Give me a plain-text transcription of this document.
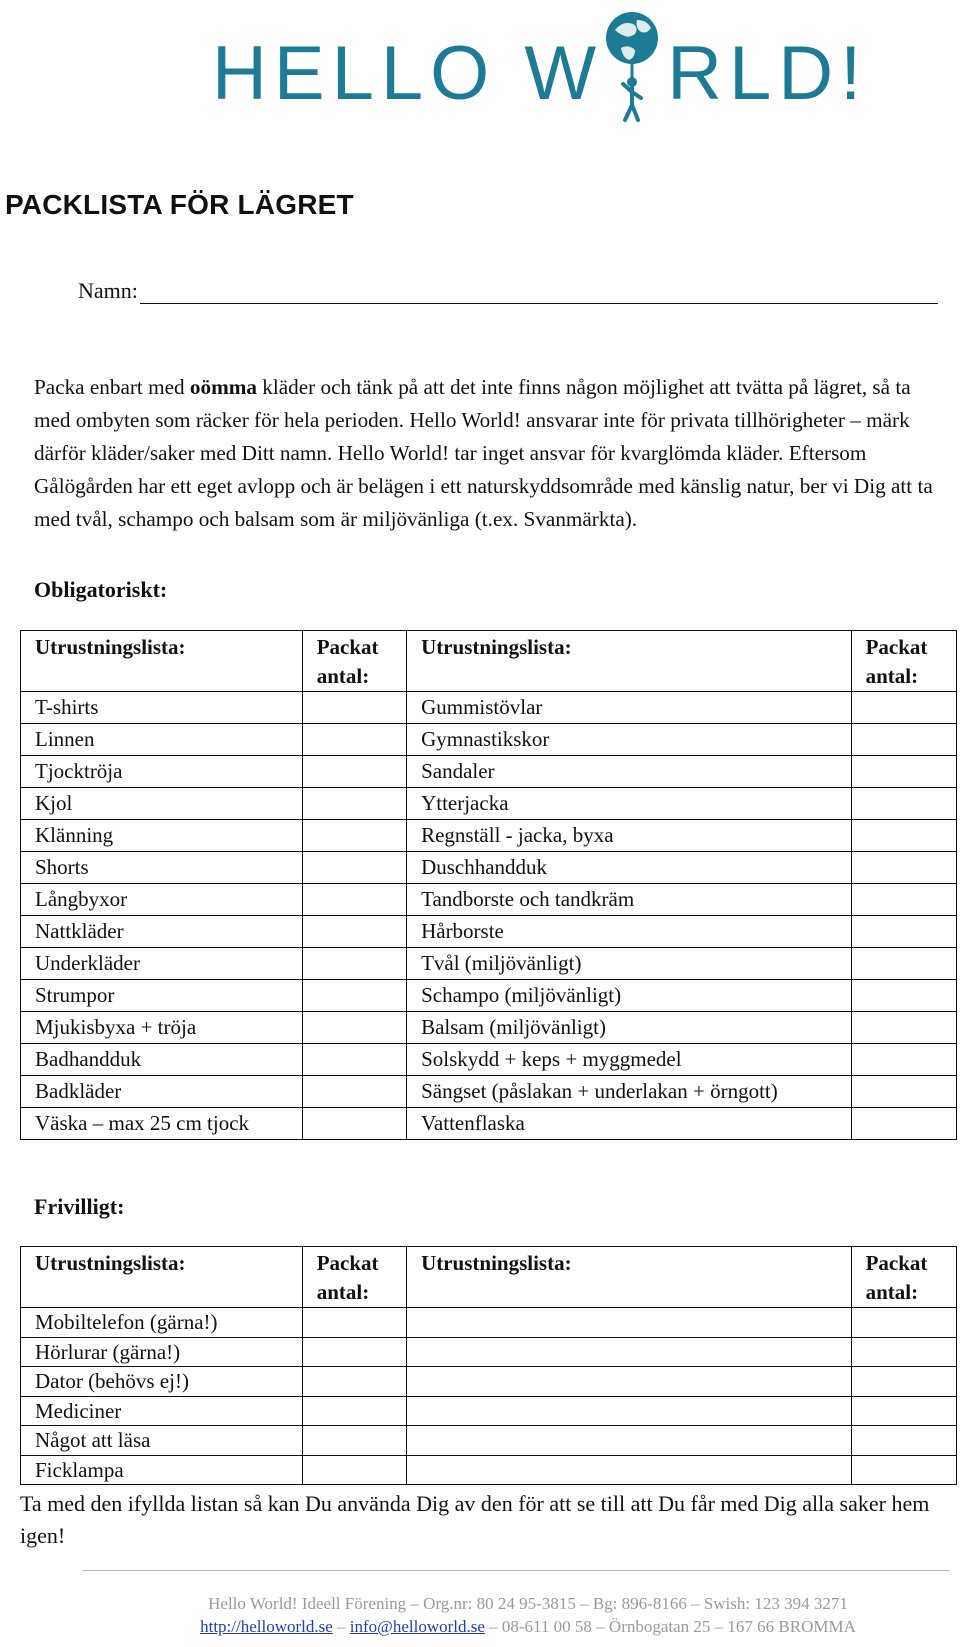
HELLO W RLD!
PACKLISTA FÖR LÄGRET
Namn:

Packa enbart med oömma kläder och tänk på att det inte finns någon möjlighet att tvätta på lägret, så ta med ombyten som räcker för hela perioden. Hello World! ansvarar inte för privata tillhörigheter – märk därför kläder/saker med Ditt namn. Hello World! tar inget ansvar för kvarglömda kläder. Eftersom Gålögården har ett eget avlopp och är belägen i ett naturskyddsområde med känslig natur, ber vi Dig att ta med tvål, schampo och balsam som är miljövänliga (t.ex. Svanmärkta).

Obligatoriskt:
Utrustningslista:	Packat antal:	Utrustningslista:	Packat antal:
T-shirts		Gummistövlar	
Linnen		Gymnastikskor	
Tjocktröja		Sandaler	
Kjol		Ytterjacka	
Klänning		Regnställ - jacka, byxa	
Shorts		Duschhandduk	
Långbyxor		Tandborste och tandkräm	
Nattkläder		Hårborste	
Underkläder		Tvål (miljövänligt)	
Strumpor		Schampo (miljövänligt)	
Mjukisbyxa + tröja		Balsam (miljövänligt)	
Badhandduk		Solskydd + keps + myggmedel	
Badkläder		Sängset (påslakan + underlakan + örngott)	
Väska – max 25 cm tjock		Vattenflaska	
Frivilligt:
Utrustningslista:	Packat antal:	Utrustningslista:	Packat antal:
Mobiltelefon (gärna!)			
Hörlurar (gärna!)			
Dator (behövs ej!)			
Mediciner			
Något att läsa			
Ficklampa			

Ta med den ifyllda listan så kan Du använda Dig av den för att se till att Du får med Dig alla saker hem igen!

Hello World! Ideell Förening – Org.nr: 80 24 95-3815 – Bg: 896-8166 – Swish: 123 394 3271
http://helloworld.se – info@helloworld.se – 08-611 00 58 – Örnbogatan 25 – 167 66 BROMMA
